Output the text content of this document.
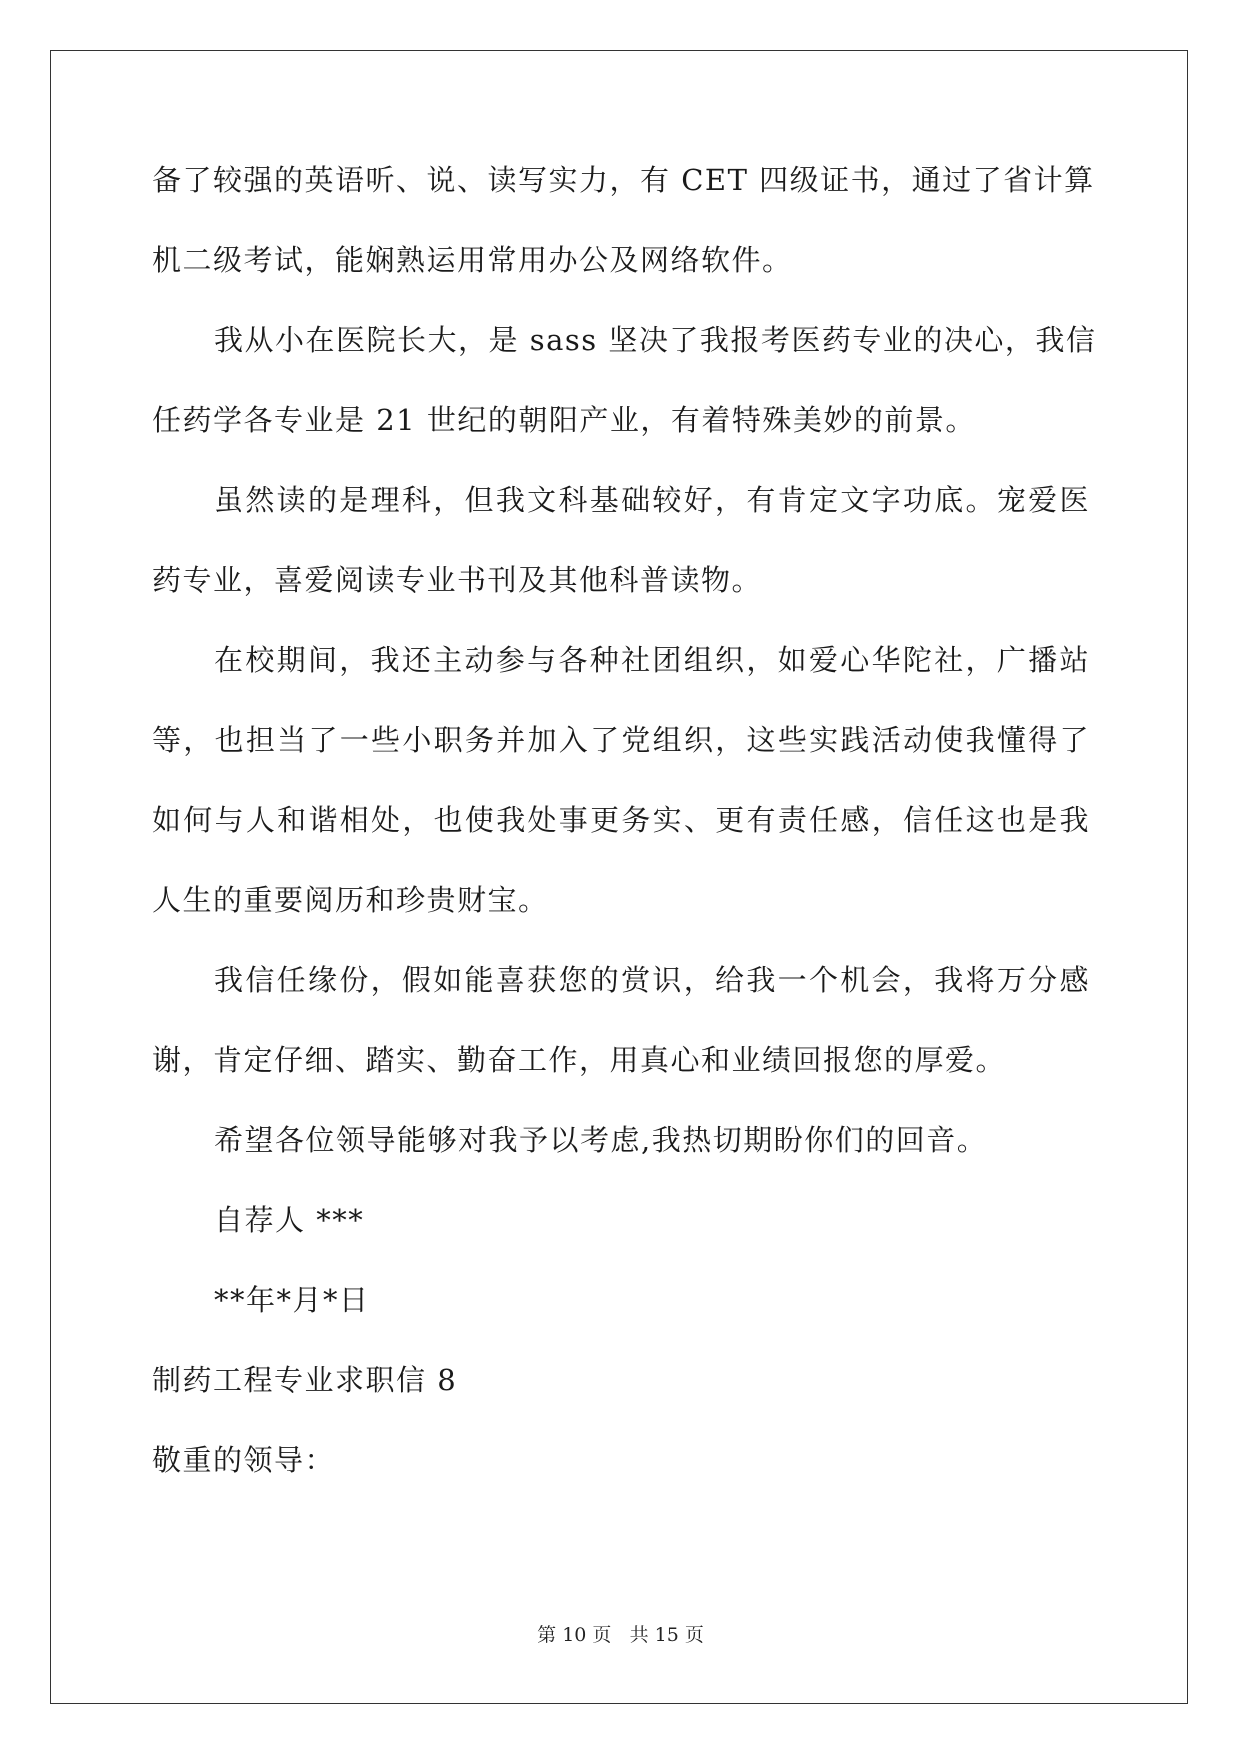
备了较强的英语听、说、读写实力，有 CET 四级证书，通过了省计算
机二级考试，能娴熟运用常用办公及网络软件。
我从小在医院长大，是 sass 坚决了我报考医药专业的决心，我信
任药学各专业是 21 世纪的朝阳产业，有着特殊美妙的前景。
虽然读的是理科，但我文科基础较好，有肯定文字功底。宠爱医
药专业，喜爱阅读专业书刊及其他科普读物。
在校期间，我还主动参与各种社团组织，如爱心华陀社，广播站
等，也担当了一些小职务并加入了党组织，这些实践活动使我懂得了
如何与人和谐相处，也使我处事更务实、更有责任感，信任这也是我
人生的重要阅历和珍贵财宝。
我信任缘份，假如能喜获您的赏识，给我一个机会，我将万分感
谢，肯定仔细、踏实、勤奋工作，用真心和业绩回报您的厚爱。
希望各位领导能够对我予以考虑,我热切期盼你们的回音。
自荐人 ***
**年*月*日
制药工程专业求职信 8
敬重的领导：
第 10 页 共 15 页
